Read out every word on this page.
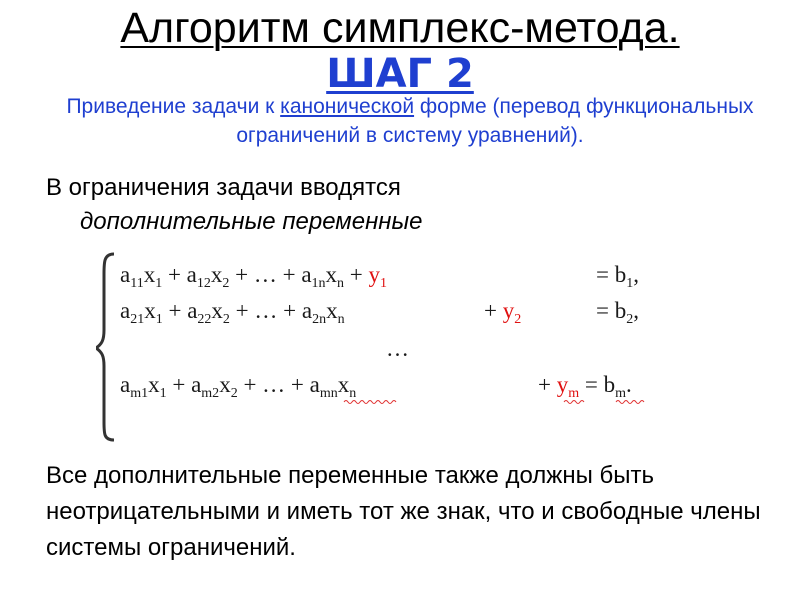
Алгоритм симплекс-метода.
ШАГ 2
Приведение задачи к канонической форме (перевод функциональных ограничений в систему уравнений).
В ограничения задачи вводятся
дополнительные переменные
$a_{11}x_1 + a_{12}x_2$ + … + $a_{1n}x_n + y_1$	= $b_1$,
$a_{21}x_1 + a_{22}x_2$ + … + $a_{2n}x_n$	+ $y_2$	= $b_2$,
…
$a_{m1}x_1 + a_{m2}x_2$ + … + $a_{mn}x_n$	+ $y_m = b_m$.
Все дополнительные переменные также должны быть неотрицательными и иметь тот же знак, что и свободные члены системы ограничений.
